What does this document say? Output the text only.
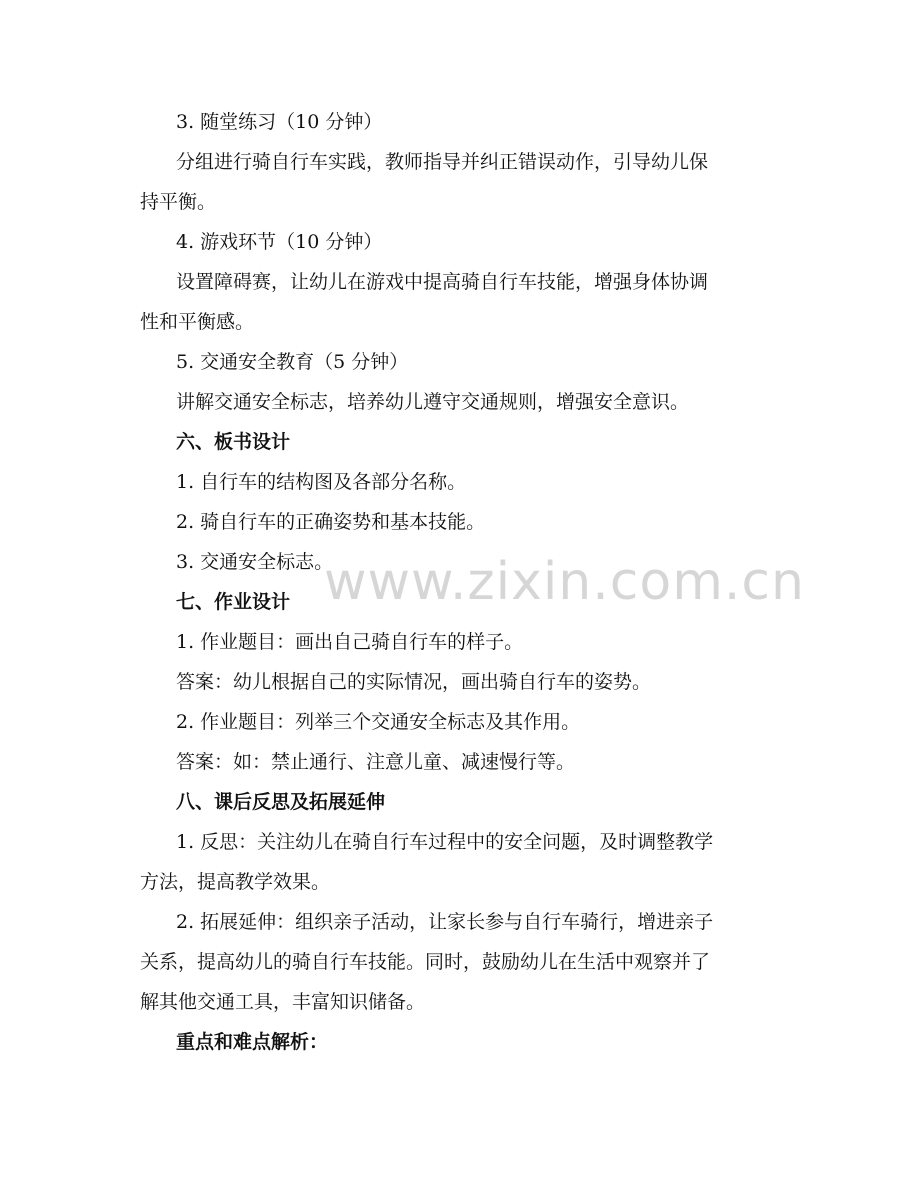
3. 随堂练习（10 分钟）
分组进行骑自行车实践，教师指导并纠正错误动作，引导幼儿保
持平衡。
4. 游戏环节（10 分钟）
设置障碍赛，让幼儿在游戏中提高骑自行车技能，增强身体协调
性和平衡感。
5. 交通安全教育（5 分钟）
讲解交通安全标志，培养幼儿遵守交通规则，增强安全意识。
六、板书设计
1. 自行车的结构图及各部分名称。
2. 骑自行车的正确姿势和基本技能。
3. 交通安全标志。
七、作业设计
1. 作业题目：画出自己骑自行车的样子。
答案：幼儿根据自己的实际情况，画出骑自行车的姿势。
2. 作业题目：列举三个交通安全标志及其作用。
答案：如：禁止通行、注意儿童、减速慢行等。
八、课后反思及拓展延伸
1. 反思：关注幼儿在骑自行车过程中的安全问题，及时调整教学
方法，提高教学效果。
2. 拓展延伸：组织亲子活动，让家长参与自行车骑行，增进亲子
关系，提高幼儿的骑自行车技能。同时，鼓励幼儿在生活中观察并了
解其他交通工具，丰富知识储备。
重点和难点解析：
www.zixin.com.cn
